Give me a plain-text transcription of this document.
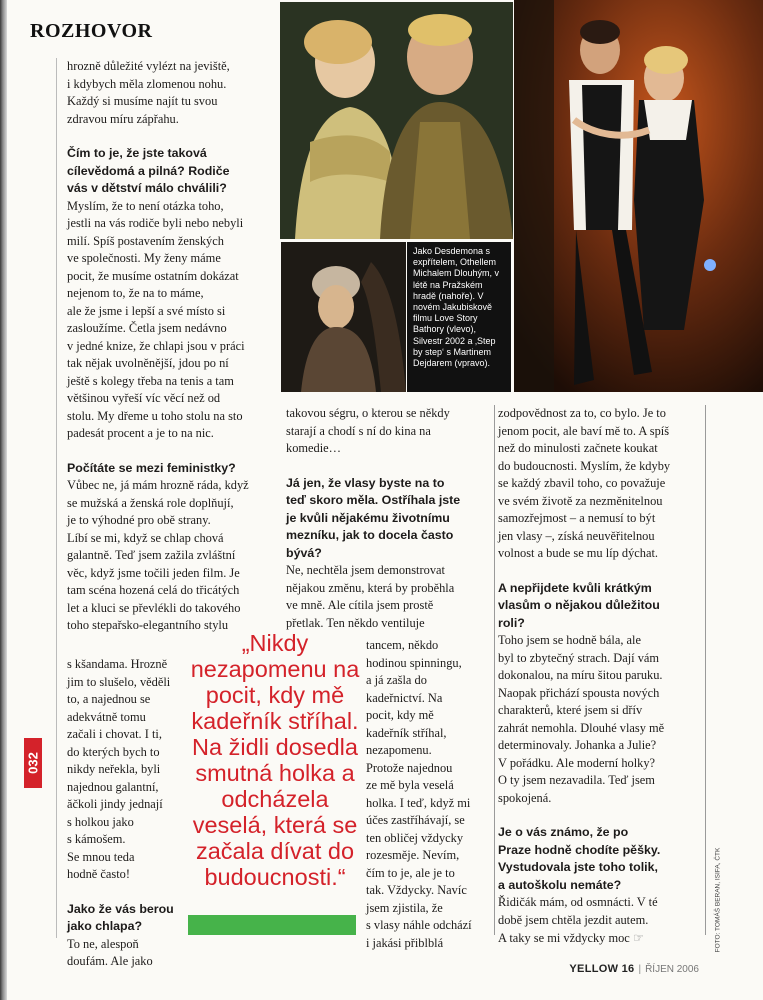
ROZHOVOR

hrozně důležité vylézt na jeviště,
i kdybych měla zlomenou nohu.
Každý si musíme najít tu svou
zdravou míru zápřahu.

Čím to je, že jste taková
cílevědomá a pilná? Rodiče
vás v dětství málo chválili?

Myslím, že to není otázka toho,
jestli na vás rodiče byli nebo nebyli
milí. Spíš postavením ženských
ve společnosti. My ženy máme
pocit, že musíme ostatním dokázat
nejenom to, že na to máme,
ale že jsme i lepší a své místo si
zasloužíme. Četla jsem nedávno
v jedné knize, že chlapi jsou v práci
tak nějak uvolněnější, jdou po ní
ještě s kolegy třeba na tenis a tam
většinou vyřeší víc věcí než od
stolu. My dřeme u toho stolu na sto
padesát procent a je to na nic.

Počítáte se mezi feministky?

Vůbec ne, já mám hrozně ráda, když
se mužská a ženská role doplňují,
je to výhodné pro obě strany.
Líbí se mi, když se chlap chová
galantně. Teď jsem zažila zvláštní
věc, když jsme točili jeden film. Je
tam scéna hozená celá do třicátých
let a kluci se převlékli do takového
toho stepařsko-elegantního stylu

s kšandama. Hrozně
jim to slušelo, věděli
to, a najednou se
adekvátně tomu
začali i chovat. I ti,
do kterých bych to
nikdy neřekla, byli
najednou galantní,
ăčkoli jindy jednají
s holkou jako
s kámošem.
Se mnou teda
hodně často!

Jako že vás berou
jako chlapa?

To ne, alespoň
doufám. Ale jako

„Nikdy nezapomenu na pocit, kdy mě kadeřník stříhal. Na židli dosedla smutná holka a odcházela veselá, která se začala dívat do budoucnosti.“

takovou ségru, o kterou se někdy
starají a chodí s ní do kina na
komedie…

Já jen, že vlasy byste na to
teď skoro měla. Ostříhala jste
je kvůli nějakému životnímu
mezníku, jak to docela často
bývá?

Ne, nechtěla jsem demonstrovat
nějakou změnu, která by proběhla
ve mně. Ale cítila jsem prostě
přetlak. Ten někdo ventiluje

tancem, někdo
hodinou spinningu,
a já zašla do
kadeřnictví. Na
pocit, kdy mě
kadeřník stříhal,
nezapomenu.
Protože najednou
ze mě byla veselá
holka. I teď, když mi
účes zastříhávají, se
ten obličej vždycky
rozesměje. Nevím,
čím to je, ale je to
tak. Vždycky. Navíc
jsem zjistila, že
s vlasy náhle odchází
i jakási přiblblá

zodpovědnost za to, co bylo. Je to
jenom pocit, ale baví mě to. A spíš
než do minulosti začnete koukat
do budoucnosti. Myslím, že kdyby
se každý zbavil toho, co považuje
ve svém životě za nezměnitelnou
samozřejmost – a nemusí to být
jen vlasy –, získá neuvěřitelnou
volnost a bude se mu líp dýchat.

A nepřijdete kvůli krátkým
vlasům o nějakou důležitou
roli?

Toho jsem se hodně bála, ale
byl to zbytečný strach. Dají vám
dokonalou, na míru šitou paruku.
Naopak přichází spousta nových
charakterů, které jsem si dřív
zahrát nemohla. Dlouhé vlasy mě
determinovaly. Johanka a Julie?
V pořádku. Ale moderní holky?
O ty jsem nezavadila. Teď jsem
spokojená.

Je o vás známo, že po
Praze hodně chodíte pěšky.
Vystudovala jste toho tolik,
a autoškolu nemáte?

Řidičák mám, od osmnácti. V té
době jsem chtěla jezdit autem.
A taky se mi vždycky moc ☞

Jako Desdemona s expřítelem, Othellem Michalem Dlouhým, v létě na Pražském hradě (nahoře). V novém Jakubiskově filmu Love Story Bathory (vlevo), Silvestr 2002 a ‚Step by step‘ s Martinem Dejdarem (vpravo).
032
FOTO: TOMÁŠ BERAN, ISIFA, ČTK
YELLOW 16 | ŘÍJEN 2006
